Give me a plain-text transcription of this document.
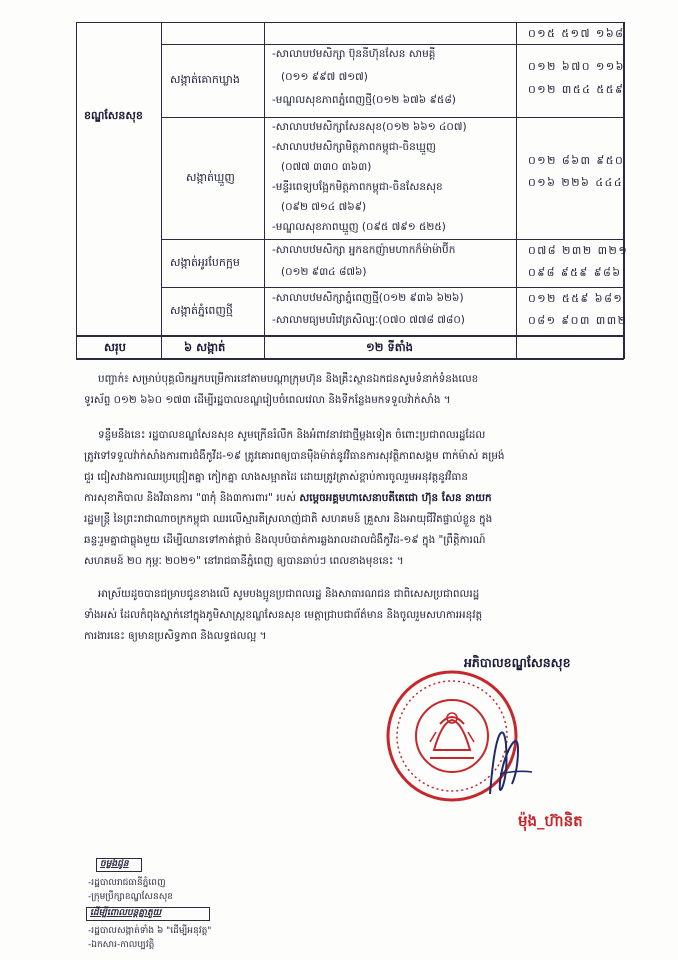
ខណ្ឌសែនសុខ
០១៥ ៥១៧ ១៦៨
សង្កាត់គោកឃ្លាង
-សាលាបឋមសិក្សា ប៊ុននីហ៊ុនសែន សាមគ្គី
(០១១ ៩៩៧ ៧១៧)
-មណ្ឌលសុខភាពភ្នំពេញថ្មី(០១២ ៦៧៦ ៩៥៨)
០១២ ៦៧០ ១១៦
០១២ ៣៥៤ ៥៥៩
សង្កាត់ឃ្មួញ
-សាលាបឋមសិក្សាសែនសុខ(០១២ ៦៦១ ៤០៧)
-សាលាបឋមសិក្សាមិត្តភាពកម្ពុជា-ចិនឃ្មួញ
(០៧៧ ៣៣០ ៣៦៣)
-មន្ទីរពេទ្យបង្អែកមិត្តភាពកម្ពុជា-ចិនសែនសុខ
(០៩២ ៧១៤ ៧៦៩)
-មណ្ឌលសុខភាពឃ្មួញ (០៩៥ ៧៩១ ៥២៥)
០១២ ៨៦៣ ៩៥០
០១៦ ២២៦ ៤៤៤
សង្កាត់អូរបែកក្អម
-សាលាបឋមសិក្សា អ្នកឧកញ៉ាមហាកក៏ម៉ាម៉ាប៊ីក
(០១២ ៩៣៤ ៨៧៦)
០៧៨ ២៣២ ៣២១
០៩៨ ៩៥៩ ៩៨៦
សង្កាត់ភ្នំពេញថ្មី
-សាលាបឋមសិក្សាភ្នំពេញថ្មី(០១២ ៩៣៦ ៦២៦)
-សាលាមធ្យមបរិវេត្រសិល្បៈ(០៧០ ៧៧៨ ៧៨០)
០១២ ៥៥៩ ៦៨១
០៨១ ៩០៣ ៣៣២
សរុប	៦ សង្កាត់	១២ ទីតាំង
បញ្ជាក់៖ សម្រាប់បុគ្គលិកអ្នកបម្រើការនៅតាមបណ្តាក្រុមហ៊ុន និងគ្រឹះស្ថានឯកជនសូមទំនាក់ទំនងលេខ
ទូរស័ព្ទ ០១២ ៦៦០ ១៧៣ ដើម្បីរដ្ឋបាលខណ្ឌរៀបចំពេលវេលា និងទីកន្លែងមកទទួលវ៉ាក់សាំង ។
ទន្ទឹមនឹងនេះ រដ្ឋបាលខណ្ឌសែនសុខ សូមក្រើនរំលឹក និងអំពាវនាវជាថ្មីម្តងទៀត ចំពោះប្រជាពលរដ្ឋដែល
ត្រូវទៅទទួលវ៉ាក់សាំងការពារជំងឺកូវីដ-១៩ ត្រូវគោរពឲ្យបានម៉ឺងម៉ាត់នូវវិធានការសុវត្ថិភាពសង្គម ពាក់ម៉ាស់ គម្រង់
ជួរ ជៀសវាងការឈរប្រជ្រៀតគ្នា កៀកគ្នា លាងសម្អាតដៃ ដោយត្រូវត្រាស់ខ្ពាប់ការចូលរួមអនុវត្តនូវវិធាន
ការសុខាភិបាល និងវិធានការ "៣កុំ និង៣ការពារ" របស់ សម្តេចអគ្គមហាសេនាបតីតេជោ ហ៊ុន សែន នាយក
រដ្ឋមន្ត្រី នៃព្រះរាជាណាចក្រកម្ពុជា ឈរលើ​ស្មារតីស្រលាញ់ជាតិ សហគមន៍ គ្រួសារ និងអាយុជីវិតផ្ទាល់ខ្លួន ក្នុង
ឆន្ទៈរួមគ្នាជាធ្លុងមួយ ដើម្បីឈានទៅកាត់ផ្តាច់ និងលុបបំបាត់ការឆ្លងរាលដាលជំងឺកូវីដ-១៩ ក្នុង "ព្រឹត្តិការណ៍
សហគមន៍ ២០ កុម្ភៈ ២០២១" នៅរាជធានីភ្នំពេញ ឲ្យបានឆាប់ៗ ពេលខាងមុខនេះ ។
អាស្រ័យដូចបានជម្រាបជូនខាងលើ សូមបងប្អូនប្រជាពលរដ្ឋ និងសាធារណជន ជាពិសេសប្រជាពលរដ្ឋ
ទាំងអស់ ដែលកំពុងស្នាក់នៅក្នុងភូមិសាស្ត្រខណ្ឌសែនសុខ មេត្តាជ្រាបជាព័ត៌មាន និងចូលរួមសហការអនុវត្ត
ការងារនេះ ឲ្យមានប្រសិទ្ធភាព និងលទ្ធផលល្អ ។
អភិបាលខណ្ឌសែនសុខ
ម៉ុង_ហ៊ានិត
ចម្លងជូន
-រដ្ឋបាលរាជធានីភ្នំពេញ
-ក្រុមប្រឹក្សាខណ្ឌសែនសុខ
ដើម្បីពោលបន្ដគ្នាតួយ
-រដ្ឋបាលសង្កាត់ទាំង ៦ "ដើម្បីអនុវត្ត"
-ឯកសារ-កាលប្បវត្តិ
